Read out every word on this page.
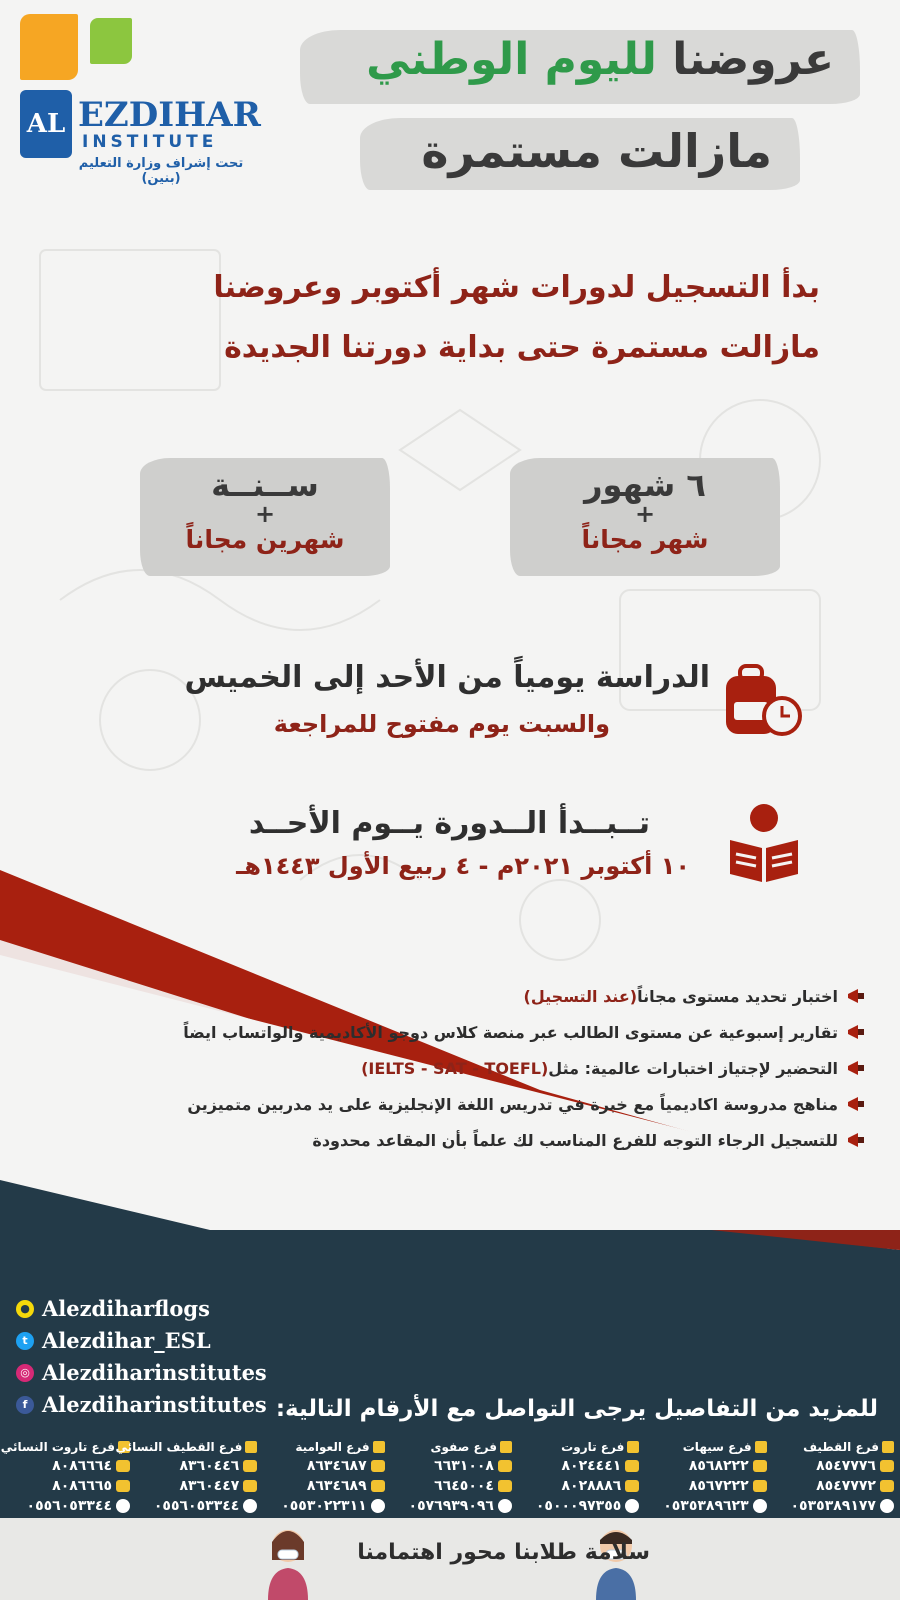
AL EZDIHAR
INSTITUTE
تحت إشراف وزارة التعليم (بنين)
عروضنا لليوم الوطني
مازالت مستمرة
بدأ التسجيل لدورات شهر أكتوبر وعروضنا
مازالت مستمرة حتى بداية دورتنا الجديدة
٦ شهور
+
شهر مجاناً
ســنــة
+
شهرين مجاناً
الدراسة يومياً من الأحد إلى الخميس
والسبت يوم مفتوح للمراجعة
تــبــدأ الــدورة يــوم الأحــد
١٠ أكتوبر ٢٠٢١م - ٤ ربيع الأول ١٤٤٣هـ
اختبار تحديد مستوى مجاناً
(عند التسجيل)
تقارير إسبوعية عن مستوى الطالب عبر منصة كلاس دوجو الأكاديمية والواتساب ايضاً
التحضير لإجتياز اختبارات عالمية: مثل
(IELTS - SAT - TOEFL)
مناهج مدروسة اكاديمياً مع خبرة في تدريس اللغة الإنجليزية على يد مدربين متميزين
للتسجيل الرجاء التوجه للفرع المناسب لك علماً بأن المقاعد محدودة
● Alezdiharflogs
t Alezdihar_ESL
◎ Alezdiharinstitutes
f Alezdiharinstitutes للمزيد من التفاصيل يرجى التواصل مع الأرقام التالية:
فرع القطيف
٨٥٤٧٧٧٦
٨٥٤٧٧٧٢
٠٥٣٥٣٨٩١٧٧
فرع سيهات
٨٥٦٨٢٢٢
٨٥٦٧٢٢٢
٠٥٣٥٣٨٩٦٢٣
فرع تاروت
٨٠٢٤٤٤١
٨٠٢٨٨٨٦
٠٥٠٠٠٩٧٣٥٥
فرع صفوى
٦٦٣١٠٠٨
٦٦٤٥٠٠٤
٠٥٧٦٩٣٩٠٩٦
فرع العوامية
٨٦٣٤٦٨٧
٨٦٣٤٦٨٩
٠٥٥٣٠٢٢٣١١
فرع القطيف النسائي
٨٣٦٠٤٤٦
٨٣٦٠٤٤٧
٠٥٥٦٠٥٣٣٤٤
فرع تاروت النسائي
٨٠٨٦٦٦٤
٨٠٨٦٦٦٥
٠٥٥٦٠٥٣٣٤٤
سلامة طلابنا محور اهتمامنا
